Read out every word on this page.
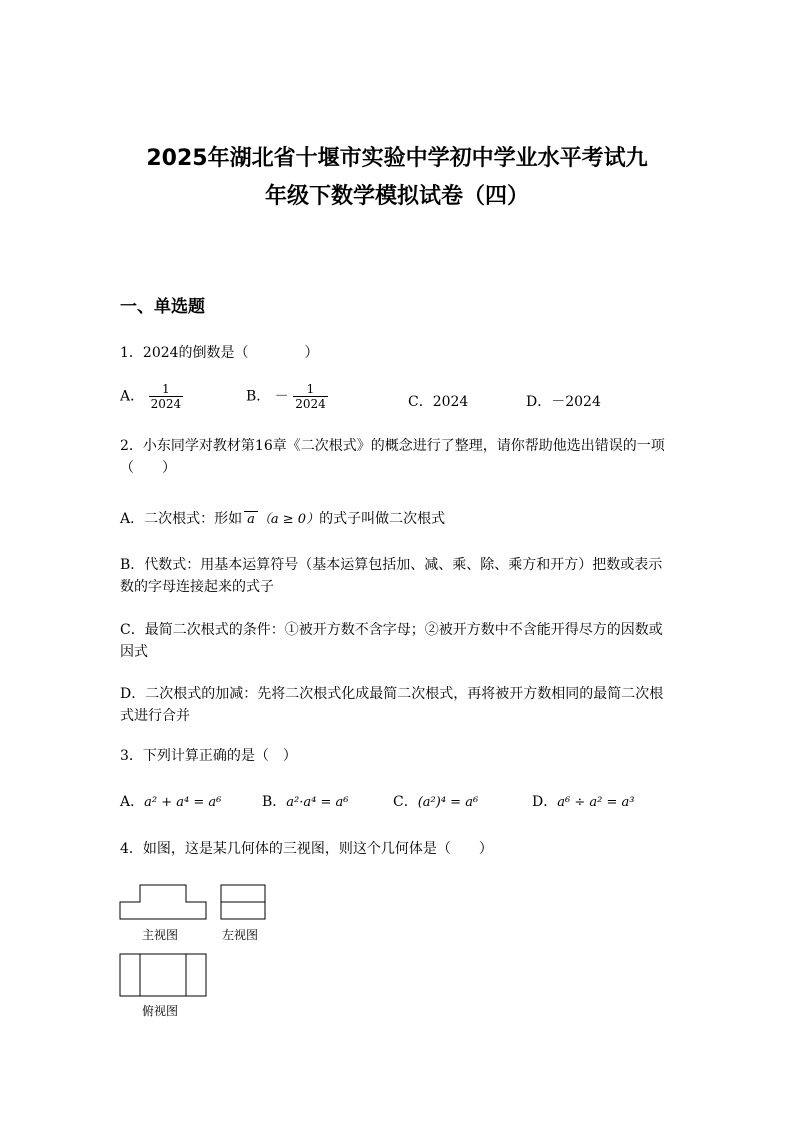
2025年湖北省十堰市实验中学初中学业水平考试九
年级下数学模拟试卷（四）
一、单选题
1．2024的倒数是（　　　　）
A． $\frac{1}{2024}$	B． － $\frac{1}{2024}$	C．2024	D．－2024
2．小东同学对教材第16章《二次根式》的概念进行了整理，请你帮助他选出错误的一项（　　）
A．二次根式：形如 a （a ≥ 0）的式子叫做二次根式
B．代数式：用基本运算符号（基本运算包括加、减、乘、除、乘方和开方）把数或表示数的字母连接起来的式子
C．最简二次根式的条件：①被开方数不含字母；②被开方数中不含能开得尽方的因数或因式
D．二次根式的加减：先将二次根式化成最简二次根式，再将被开方数相同的最简二次根式进行合并
3．下列计算正确的是（　）
A．a² + a⁴ = a⁶	B．a²·a⁴ = a⁶	C．(a²)⁴ = a⁶	D．a⁶ ÷ a² = a³
4．如图，这是某几何体的三视图，则这个几何体是（　　）
主视图	左视图
俯视图
